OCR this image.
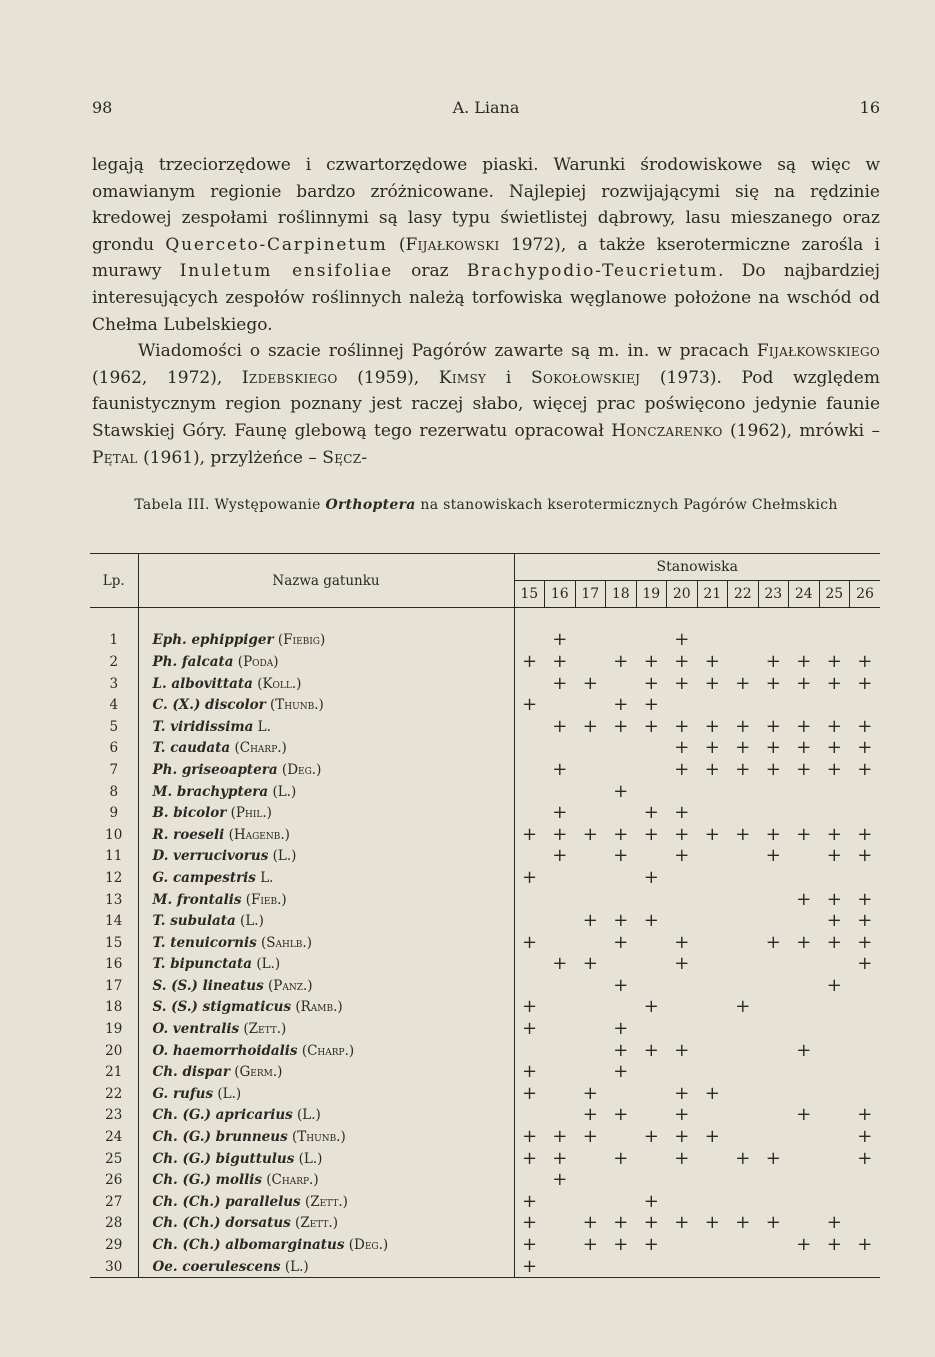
98	A. Liana	16

legają trzeciorzędowe i czwartorzędowe piaski. Warunki środowiskowe są więc w omawianym regionie bardzo zróżnicowane. Najlepiej rozwijającymi się na rędzinie kredowej zespołami roślinnymi są lasy typu świetlistej dąbrowy, lasu mieszanego oraz grondu Querceto-Carpinetum (Fijałkowski 1972), a także kserotermiczne zarośla i murawy Inuletum ensifoliae oraz Brachypodio-Teucrietum. Do najbardziej interesujących zespołów roślinnych należą torfowiska węglanowe położone na wschód od Chełma Lubelskiego.

Wiadomości o szacie roślinnej Pagórów zawarte są m. in. w pracach Fijałkowskiego (1962, 1972), Izdebskiego (1959), Kimsy i Sokołowskiej (1973). Pod względem faunistycznym region poznany jest raczej słabo, więcej prac poświęcono jedynie faunie Stawskiej Góry. Faunę glebową tego rezerwatu opracował Honczarenko (1962), mrówki – Pętal (1961), przylżeńce – Sęcz-

Tabela III. Występowanie Orthoptera na stanowiskach kserotermicznych Pagórów Chełmskich
Lp.	Nazwa gatunku	Stanowiska											
		15	16	17	18	19	20	21	22	23	24	25	26

1	Eph. ephippiger (Fiebig)		+				+						
2	Ph. falcata (Poda)	+	+		+	+	+	+		+	+	+	+
3	L. albovittata (Koll.)		+	+		+	+	+	+	+	+	+	+
4	C. (X.) discolor (Thunb.)	+			+	+							
5	T. viridissima L.		+	+	+	+	+	+	+	+	+	+	+
6	T. caudata (Charp.)						+	+	+	+	+	+	+
7	Ph. griseoaptera (Deg.)		+				+	+	+	+	+	+	+
8	M. brachyptera (L.)				+								
9	B. bicolor (Phil.)		+			+	+						
10	R. roeseli (Hagenb.)	+	+	+	+	+	+	+	+	+	+	+	+
11	D. verrucivorus (L.)		+		+		+			+		+	+
12	G. campestris L.	+				+							
13	M. frontalis (Fieb.)										+	+	+
14	T. subulata (L.)			+	+	+						+	+
15	T. tenuicornis (Sahlb.)	+			+		+			+	+	+	+
16	T. bipunctata (L.)		+	+			+						+
17	S. (S.) lineatus (Panz.)				+							+	
18	S. (S.) stigmaticus (Ramb.)	+				+			+				
19	O. ventralis (Zett.)	+			+								
20	O. haemorrhoidalis (Charp.)				+	+	+				+		
21	Ch. dispar (Germ.)	+			+								
22	G. rufus (L.)	+		+			+	+					
23	Ch. (G.) apricarius (L.)			+	+		+				+		+
24	Ch. (G.) brunneus (Thunb.)	+	+	+		+	+	+					+
25	Ch. (G.) biguttulus (L.)	+	+		+		+		+	+			+
26	Ch. (G.) mollis (Charp.)		+										
27	Ch. (Ch.) parallelus (Zett.)	+				+							
28	Ch. (Ch.) dorsatus (Zett.)	+		+	+	+	+	+	+	+		+	
29	Ch. (Ch.) albomarginatus (Deg.)	+		+	+	+					+	+	+
30	Oe. coerulescens (L.)	+											
